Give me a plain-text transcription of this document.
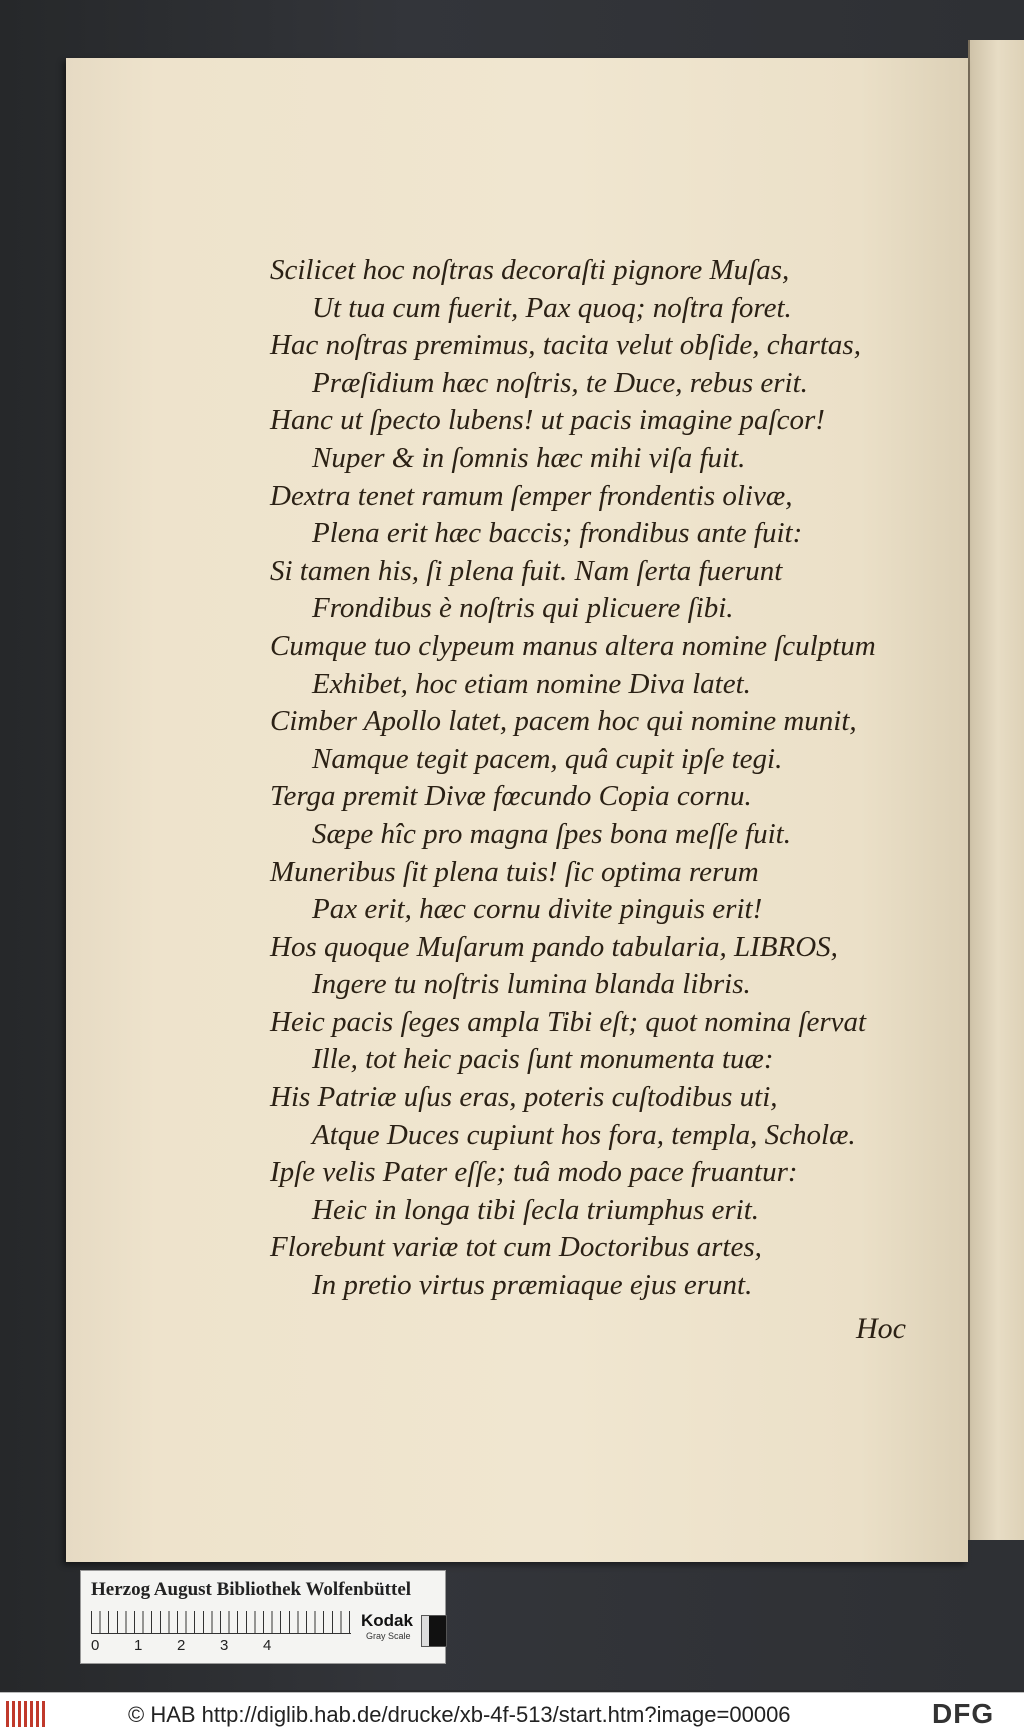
Scilicet hoc noſtras decoraſti pignore Muſas,
Ut tua cum fuerit, Pax quoq; noſtra foret.
Hac noſtras premimus, tacita velut obſide, chartas,
Præſidium hæc noſtris, te Duce, rebus erit.
Hanc ut ſpecto lubens! ut pacis imagine paſcor!
Nuper & in ſomnis hæc mihi viſa fuit.
Dextra tenet ramum ſemper frondentis olivæ,
Plena erit hæc baccis; frondibus ante fuit:
Si tamen his, ſi plena fuit. Nam ſerta fuerunt
Frondibus è noſtris qui plicuere ſibi.
Cumque tuo clypeum manus altera nomine ſculptum
Exhibet, hoc etiam nomine Diva latet.
Cimber Apollo latet, pacem hoc qui nomine munit,
Namque tegit pacem, quâ cupit ipſe tegi.
Terga premit Divæ fœcundo Copia cornu.
Sæpe hîc pro magna ſpes bona meſſe fuit.
Muneribus ſit plena tuis! ſic optima rerum
Pax erit, hæc cornu divite pinguis erit!
Hos quoque Muſarum pando tabularia, LIBROS,
Ingere tu noſtris lumina blanda libris.
Heic pacis ſeges ampla Tibi eſt; quot nomina ſervat
Ille, tot heic pacis ſunt monumenta tuæ:
His Patriæ uſus eras, poteris cuſtodibus uti,
Atque Duces cupiunt hos fora, templa, Scholæ.
Ipſe velis Pater eſſe; tuâ modo pace fruantur:
Heic in longa tibi ſecla triumphus erit.
Florebunt variæ tot cum Doctoribus artes,
In pretio virtus præmiaque ejus erunt.
Hoc
Herzog August Bibliothek Wolfenbüttel
0 1 2 3 4
Kodak
Gray Scale
© HAB http://diglib.hab.de/drucke/xb-4f-513/start.htm?image=00006	DFG
